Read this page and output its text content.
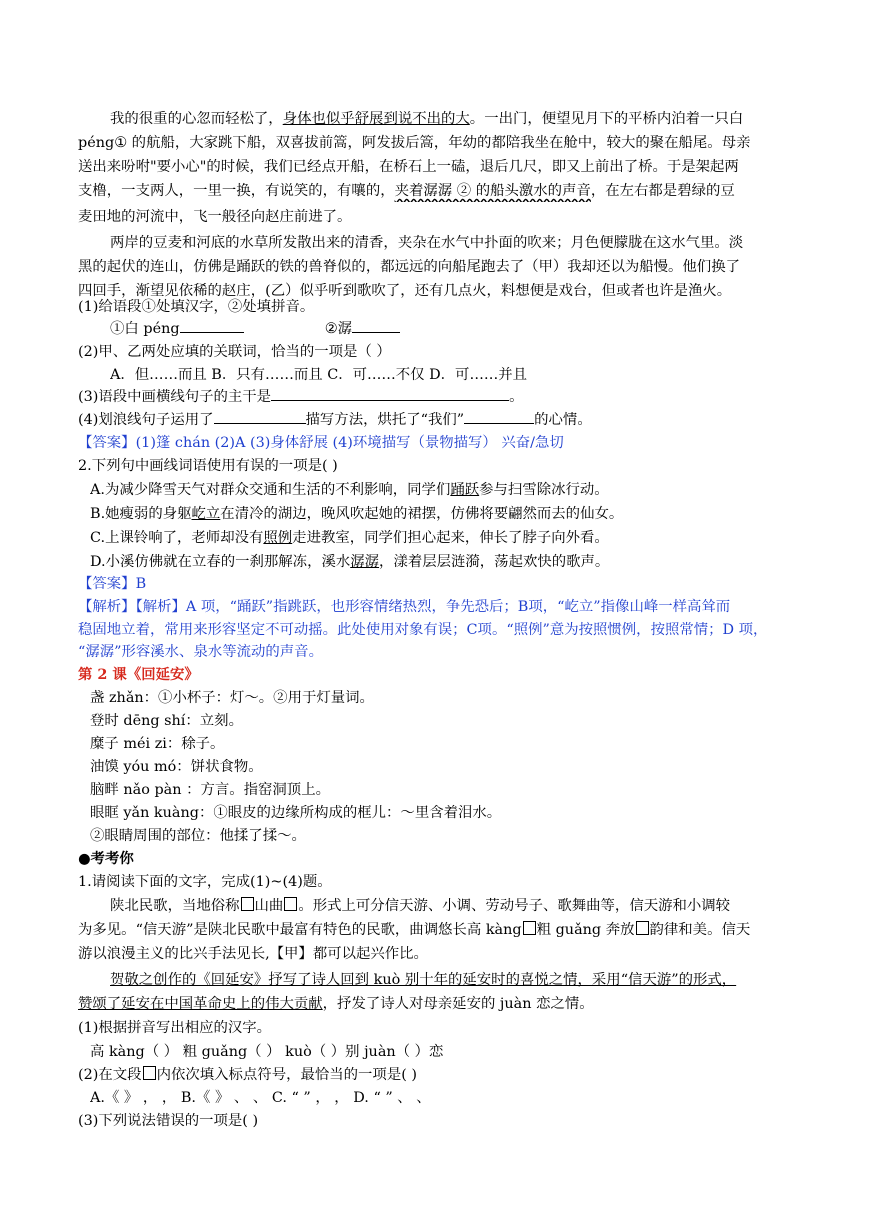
我的很重的心忽而轻松了，身体也似乎舒展到说不出的大。一出门，便望见月下的平桥内泊着一只白
péng① 的航船，大家跳下船，双喜拔前篙，阿发拔后篙，年幼的都陪我坐在舱中，较大的聚在船尾。母亲
送出来吩咐"要小心"的时候，我们已经点开船，在桥石上一磕，退后几尺，即又上前出了桥。于是架起两
支橹，一支两人，一里一换，有说笑的，有嚷的，夹着潺潺 ② 的船头激水的声音，在左右都是碧绿的豆
麦田地的河流中，飞一般径向赵庄前进了。
两岸的豆麦和河底的水草所发散出来的清香，夹杂在水气中扑面的吹来；月色便朦胧在这水气里。淡
黑的起伏的连山，仿佛是踊跃的铁的兽脊似的，都远远的向船尾跑去了（甲）我却还以为船慢。他们换了
四回手，渐望见依稀的赵庄，(乙）似乎听到歌吹了，还有几点火，料想便是戏台，但或者也许是渔火。
(1)给语段①处填汉字，②处填拼音。
①白 péng	②潺
(2)甲、乙两处应填的关联词，恰当的一项是（ ）
A．但……而且 B．只有……而且 C．可……不仅 D．可……并且
(3)语段中画横线句子的主干是	。
(4)划浪线句子运用了	描写方法，烘托了“我们”	的心情。
【答案】(1)篷 chán (2)A (3)身体舒展 (4)环境描写（景物描写） 兴奋/急切
2.下列句中画线词语使用有误的一项是( )
A.为减少降雪天气对群众交通和生活的不利影响，同学们踊跃参与扫雪除冰行动。
B.她瘦弱的身躯屹立在清冷的湖边，晚风吹起她的裙摆，仿佛将要翩然而去的仙女。
C.上课铃响了，老师却没有照例走进教室，同学们担心起来，伸长了脖子向外看。
D.小溪仿佛就在立春的一刹那解冻，溪水潺潺，漾着层层涟漪，荡起欢快的歌声。
【答案】B
【解析】【解析】A 项，“踊跃”指跳跃，也形容情绪热烈，争先恐后；B项，“屹立”指像山峰一样高耸而
稳固地立着，常用来形容坚定不可动摇。此处使用对象有误；C项。“照例”意为按照惯例，按照常情；D 项，
“潺潺”形容溪水、泉水等流动的声音。
第 2 课《回延安》
盏 zhǎn：①小杯子：灯～。②用于灯量词。
登时 dēng shí：立刻。
糜子 méi zi：稌子。
油馍 yóu mó：饼状食物。
脑畔 nǎo pàn ：方言。指窑洞顶上。
眼眶 yǎn kuàng：①眼皮的边缘所构成的框儿：～里含着泪水。
②眼睛周围的部位：他揉了揉～。
●考考你
1.请阅读下面的文字，完成(1)~(4)题。
陕北民歌，当地俗称 山曲 。形式上可分信天游、小调、劳动号子、歌舞曲等，信天游和小调较
为多见。“信天游”是陕北民歌中最富有特色的民歌，曲调悠长高 kàng 粗 guǎng 奔放 韵律和美。信天
游以浪漫主义的比兴手法见长,【甲】都可以起兴作比。
贺敬之创作的《回延安》抒写了诗人回到 kuò 别十年的延安时的喜悦之情，采用“信天游”的形式，
赞颂了延安在中国革命史上的伟大贡献，抒发了诗人对母亲延安的 juàn 恋之情。
(1)根据拼音写出相应的汉字。
高 kàng（ ） 粗 guǎng（ ） kuò（ ）别 juàn（ ）恋
(2)在文段 内依次填入标点符号，最恰当的一项是( )
A.《 》 ， ， B.《 》 、 、 C. “ ” ， ， D. “ ” 、 、
(3)下列说法错误的一项是( )
